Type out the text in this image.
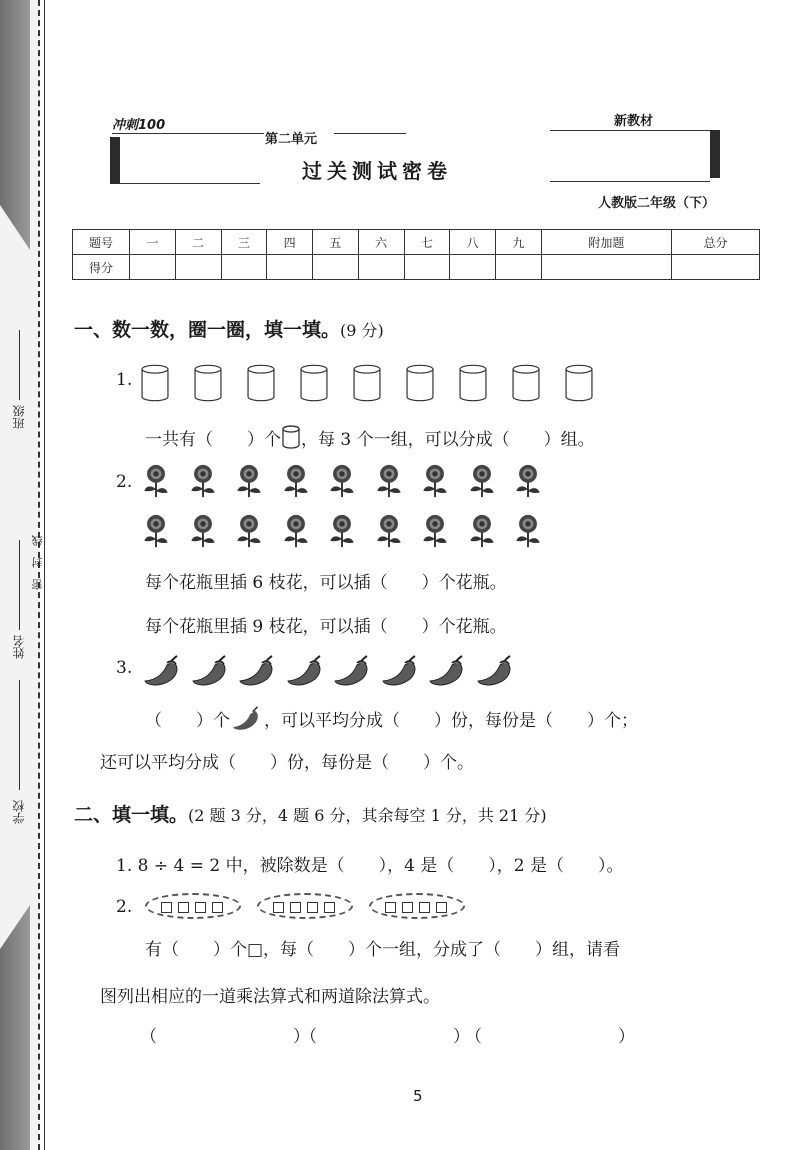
班级
姓名
密　封　线
学校
冲刺100
第二单元
过关测试密卷
新教材
人教版二年级（下）
题号	一	二	三	四	五	六	七	八	九	附加题	总分
得分											
一、数一数，圈一圈，填一填。(9 分)
1.
一共有（　　）个 ，每 3 个一组，可以分成（　　）组。
2.
每个花瓶里插 6 枝花，可以插（　　）个花瓶。
每个花瓶里插 9 枝花，可以插（　　）个花瓶。
3.
（　　）个 ，可以平均分成（　　）份，每份是（　　）个；
还可以平均分成（　　）份，每份是（　　）个。
二、填一填。(2 题 3 分，4 题 6 分，其余每空 1 分，共 21 分)
1. 8 ÷ 4 = 2 中，被除数是（　　），4 是（　　），2 是（　　）。
2.
有（　　）个□，每（　　）个一组，分成了（　　）组，请看
图列出相应的一道乘法算式和两道除法算式。
（　　　　　　　　）
（　　　　　　　　）
（　　　　　　　　）
5
